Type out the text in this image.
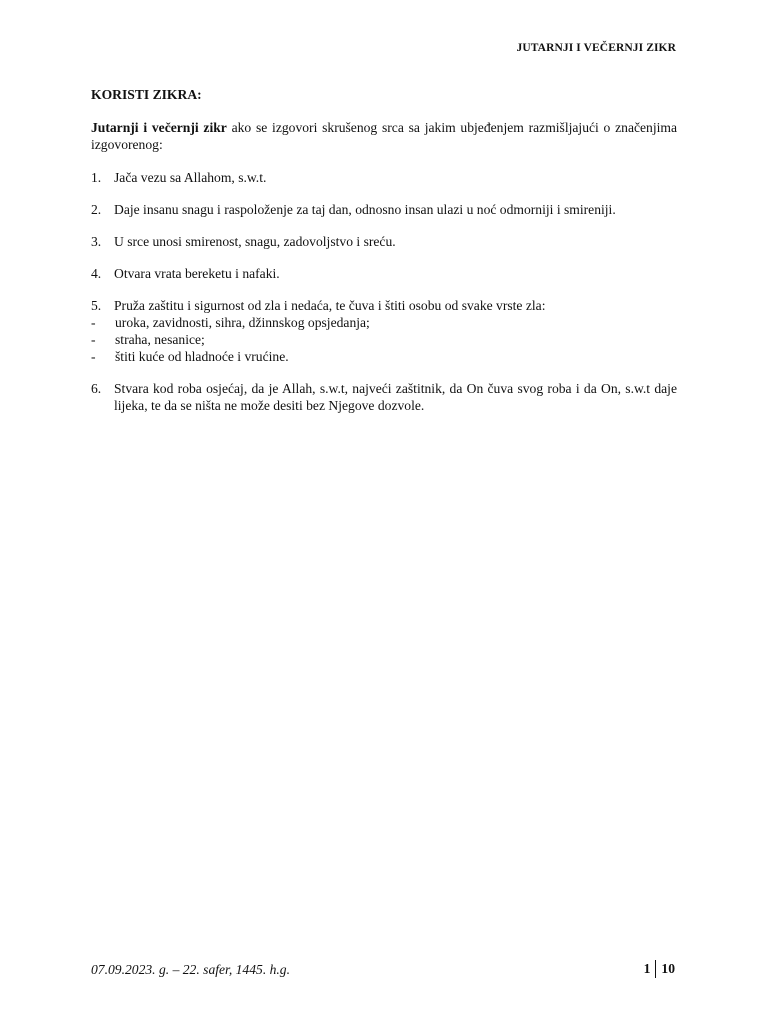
JUTARNJI I VEČERNJI ZIKR
KORISTI ZIKRA:

Jutarnji i večernji zikr ako se izgovori skrušenog srca sa jakim ubjeđenjem razmišljajući o značenjima izgovorenog:

1. Jača vezu sa Allahom, s.w.t.
2. Daje insanu snagu i raspoloženje za taj dan, odnosno insan ulazi u noć odmorniji i smireniji.
3. U srce unosi smirenost, snagu, zadovoljstvo i sreću.
4. Otvara vrata bereketu i nafaki.
5. Pruža zaštitu i sigurnost od zla i nedaća, te čuva i štiti osobu od svake vrste zla:
- uroka, zavidnosti, sihra, džinnskog opsjedanja;
- straha, nesanice;
- štiti kuće od hladnoće i vrućine.
6. Stvara kod roba osjećaj, da je Allah, s.w.t, najveći zaštitnik, da On čuva svog roba i da On, s.w.t daje lijeka, te da se ništa ne može desiti bez Njegove dozvole.
07.09.2023. g. – 22. safer, 1445. h.g.	1 10
